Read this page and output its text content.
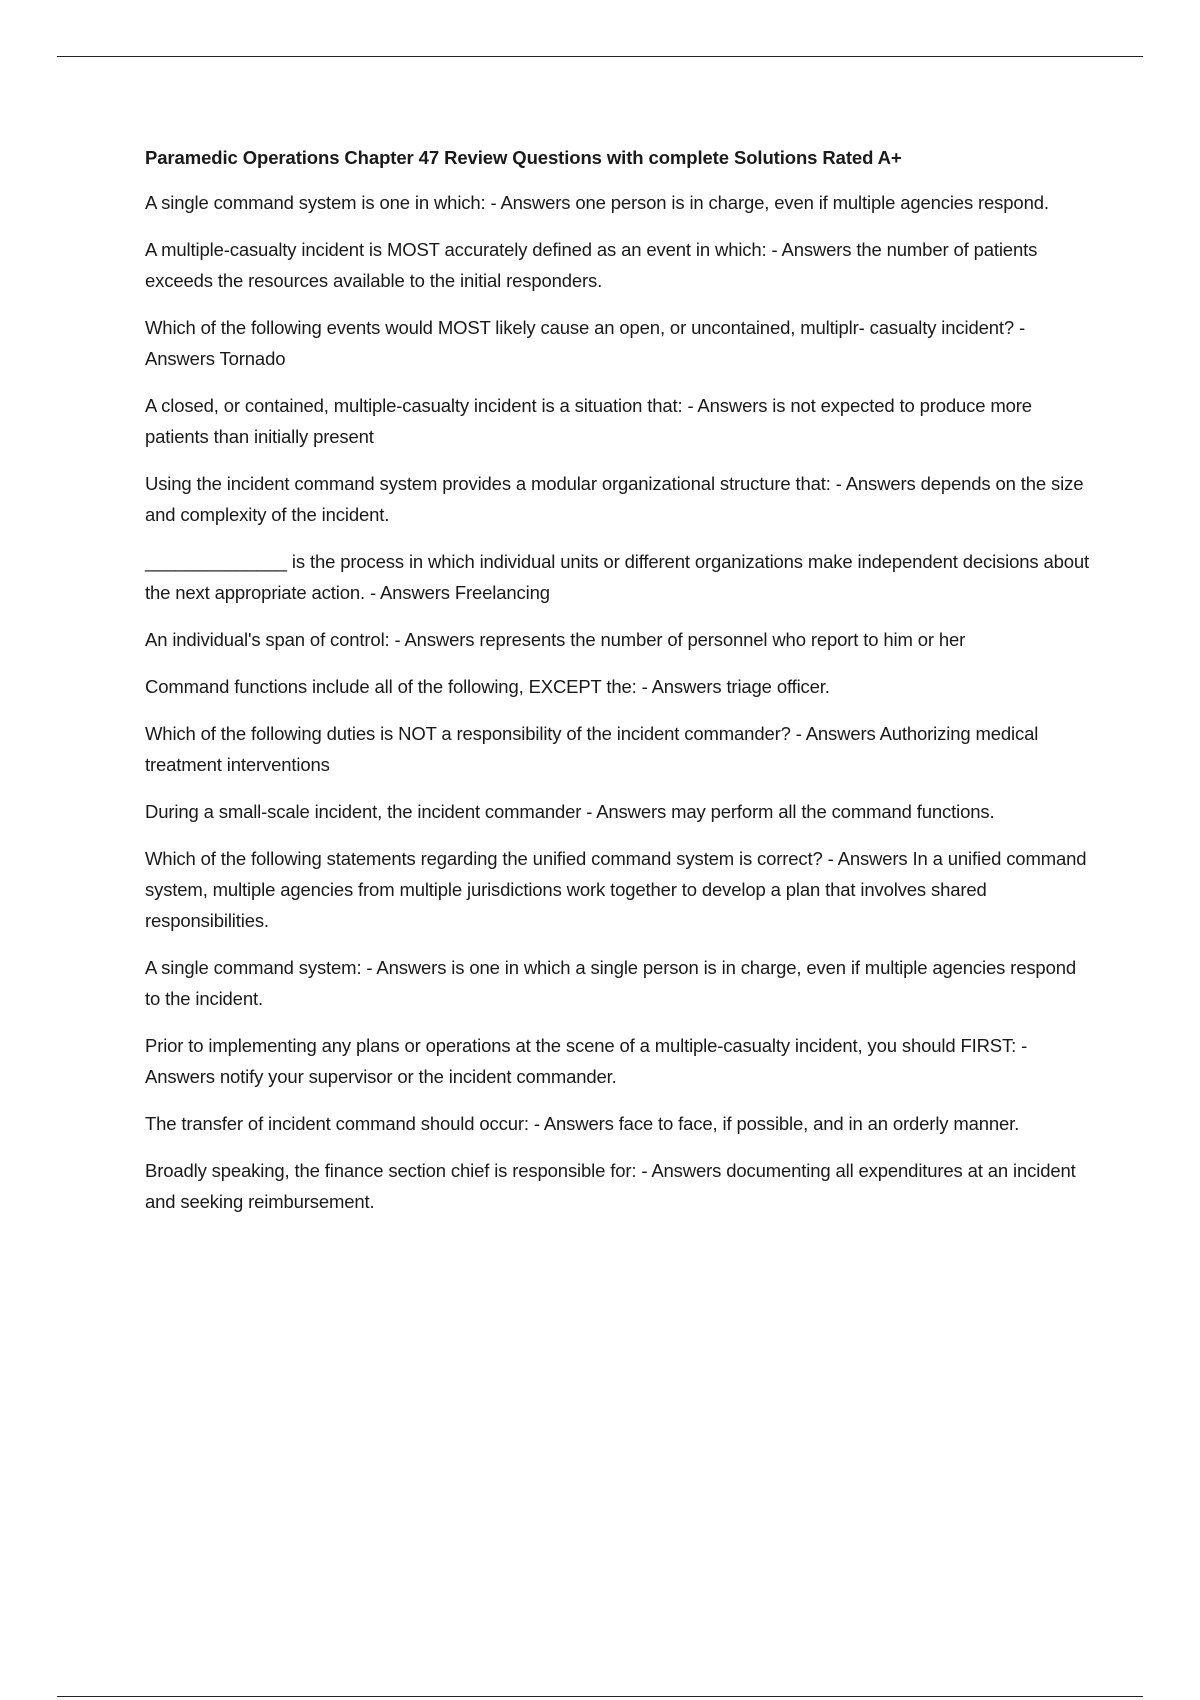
Paramedic Operations Chapter 47 Review Questions with complete Solutions Rated A+

A single command system is one in which: - Answers one person is in charge, even if multiple agencies respond.

A multiple-casualty incident is MOST accurately defined as an event in which: - Answers the number of patients exceeds the resources available to the initial responders.

Which of the following events would MOST likely cause an open, or uncontained, multiplr- casualty incident? - Answers Tornado

A closed, or contained, multiple-casualty incident is a situation that: - Answers is not expected to produce more patients than initially present

Using the incident command system provides a modular organizational structure that: - Answers depends on the size and complexity of the incident.

______________ is the process in which individual units or different organizations make independent decisions about the next appropriate action. - Answers Freelancing

An individual's span of control: - Answers represents the number of personnel who report to him or her

Command functions include all of the following, EXCEPT the: - Answers triage officer.

Which of the following duties is NOT a responsibility of the incident commander? - Answers Authorizing medical treatment interventions

During a small-scale incident, the incident commander - Answers may perform all the command functions.

Which of the following statements regarding the unified command system is correct? - Answers In a unified command system, multiple agencies from multiple jurisdictions work together to develop a plan that involves shared responsibilities.

A single command system: - Answers is one in which a single person is in charge, even if multiple agencies respond to the incident.

Prior to implementing any plans or operations at the scene of a multiple-casualty incident, you should FIRST: - Answers notify your supervisor or the incident commander.

The transfer of incident command should occur: - Answers face to face, if possible, and in an orderly manner.

Broadly speaking, the finance section chief is responsible for: - Answers documenting all expenditures at an incident and seeking reimbursement.
